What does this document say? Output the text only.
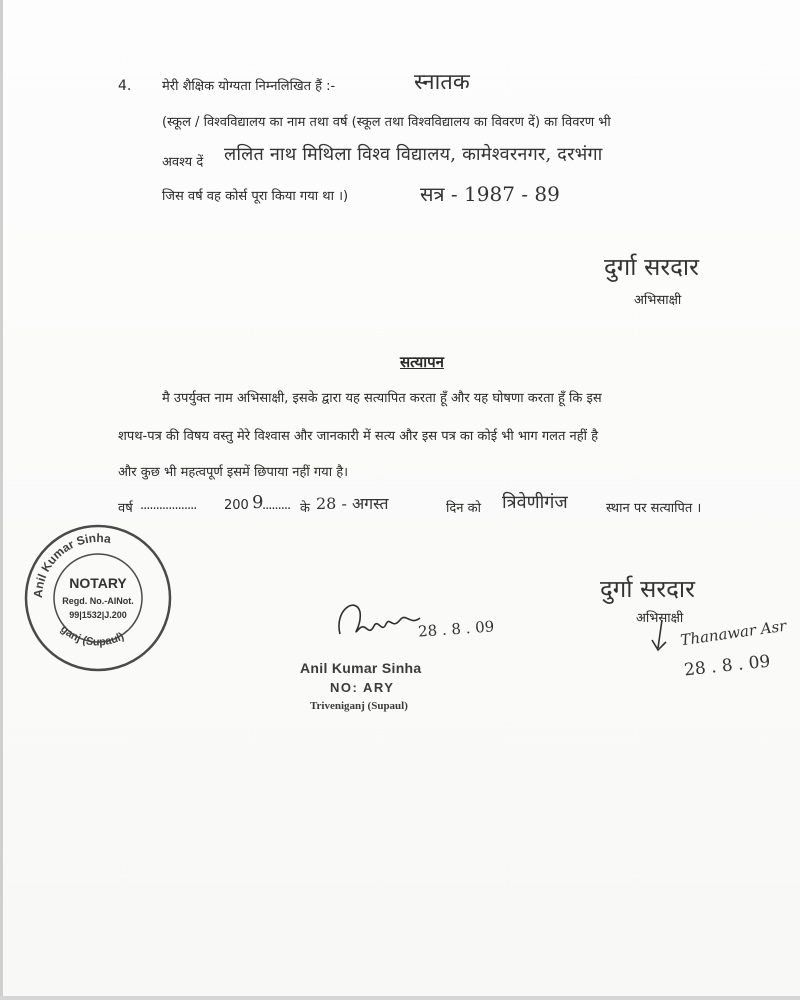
4. मेरी शैक्षिक योग्यता निम्नलिखित हैं :-	स्नातक
(स्कूल / विश्वविद्यालय का नाम तथा वर्ष (स्कूल तथा विश्वविद्यालय का विवरण दें) का विवरण भी
अवश्य दें ललित नाथ मिथिला विश्व विद्यालय, कामेश्वरनगर, दरभंगा
जिस वर्ष वह कोर्स पूरा किया गया था ।)	सत्र - 1987 - 89
दुर्गा सरदार
अभिसाक्षी
सत्यापन
मै उपर्युक्त नाम अभिसाक्षी, इसके द्वारा यह सत्यापित करता हूँ और यह घोषणा करता हूँ कि इस
शपथ-पत्र की विषय वस्तु मेरे विश्वास और जानकारी में सत्य और इस पत्र का कोई भी भाग गलत नहीं है
और कुछ भी महत्वपूर्ण इसमें छिपाया नहीं गया है।
वर्ष .................. 200 9
......... के 28 - अगस्त	दिन को त्रिवेणीगंज	स्थान पर सत्यापित ।
दुर्गा सरदार
अभिसाक्षी
Thanawar Asr
28 . 8 . 09
Anil Kumar Sinha
ganj (Supaul)
NOTARY
Regd. No.-AINot.
99|1532|J.200
28 . 8 . 09
Anil Kumar Sinha
NO: ARY
Triveniganj (Supaul)
